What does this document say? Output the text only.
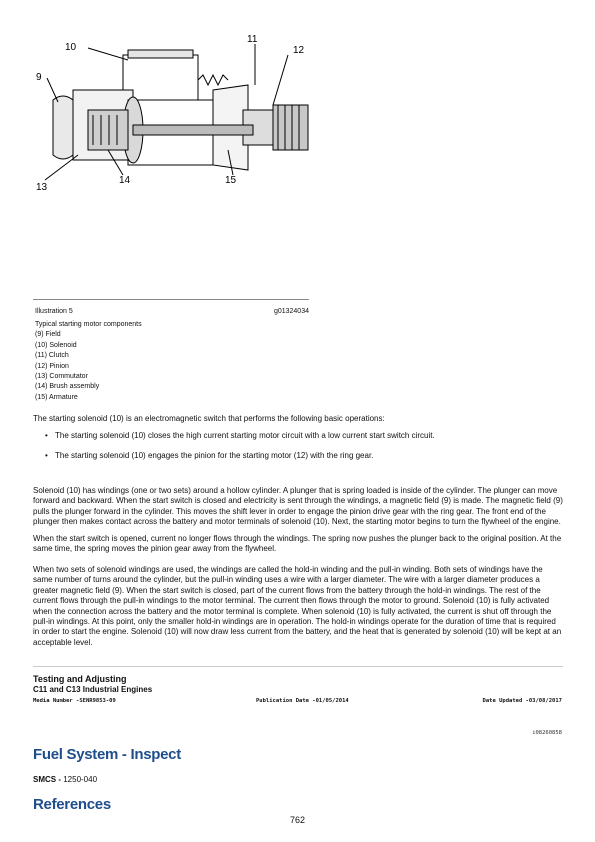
10
11
12
9
13
14	15
Illustration 5	g01324034
Typical starting motor components
(9) Field
(10) Solenoid
(11) Clutch
(12) Pinion
(13) Commutator
(14) Brush assembly
(15) Armature

The starting solenoid (10) is an electromagnetic switch that performs the following basic operations:

• The starting solenoid (10) closes the high current starting motor circuit with a low current start switch circuit.
• The starting solenoid (10) engages the pinion for the starting motor (12) with the ring gear.

Solenoid (10) has windings (one or two sets) around a hollow cylinder. A plunger that is spring loaded is inside of the cylinder. The plunger can move forward and backward. When the start switch is closed and electricity is sent through the windings, a magnetic field (9) is made. The magnetic field (9) pulls the plunger forward in the cylinder. This moves the shift lever in order to engage the pinion drive gear with the ring gear. The front end of the plunger then makes contact across the battery and motor terminals of solenoid (10). Next, the starting motor begins to turn the flywheel of the engine.

When the start switch is opened, current no longer flows through the windings. The spring now pushes the plunger back to the original position. At the same time, the spring moves the pinion gear away from the flywheel.

When two sets of solenoid windings are used, the windings are called the hold-in winding and the pull-in winding. Both sets of windings have the same number of turns around the cylinder, but the pull-in winding uses a wire with a larger diameter. The wire with a larger diameter produces a greater magnetic field (9). When the start switch is closed, part of the current flows from the battery through the hold-in windings. The rest of the current flows through the pull-in windings to the motor terminal. The current then flows through the motor to ground. Solenoid (10) is fully activated when the connection across the battery and the motor terminal is complete. When solenoid (10) is fully activated, the current is shut off through the pull-in windings. At this point, only the smaller hold-in windings are in operation. The hold-in windings operate for the duration of time that is required in order to start the engine. Solenoid (10) will now draw less current from the battery, and the heat that is generated by solenoid (10) will be kept at an acceptable level.

Testing and Adjusting
C11 and C13 Industrial Engines
Media Number -SENR9853-09	Publication Date -01/05/2014	Date Updated -03/08/2017
i08260858
Fuel System - Inspect
SMCS - 1250-040
References
762
